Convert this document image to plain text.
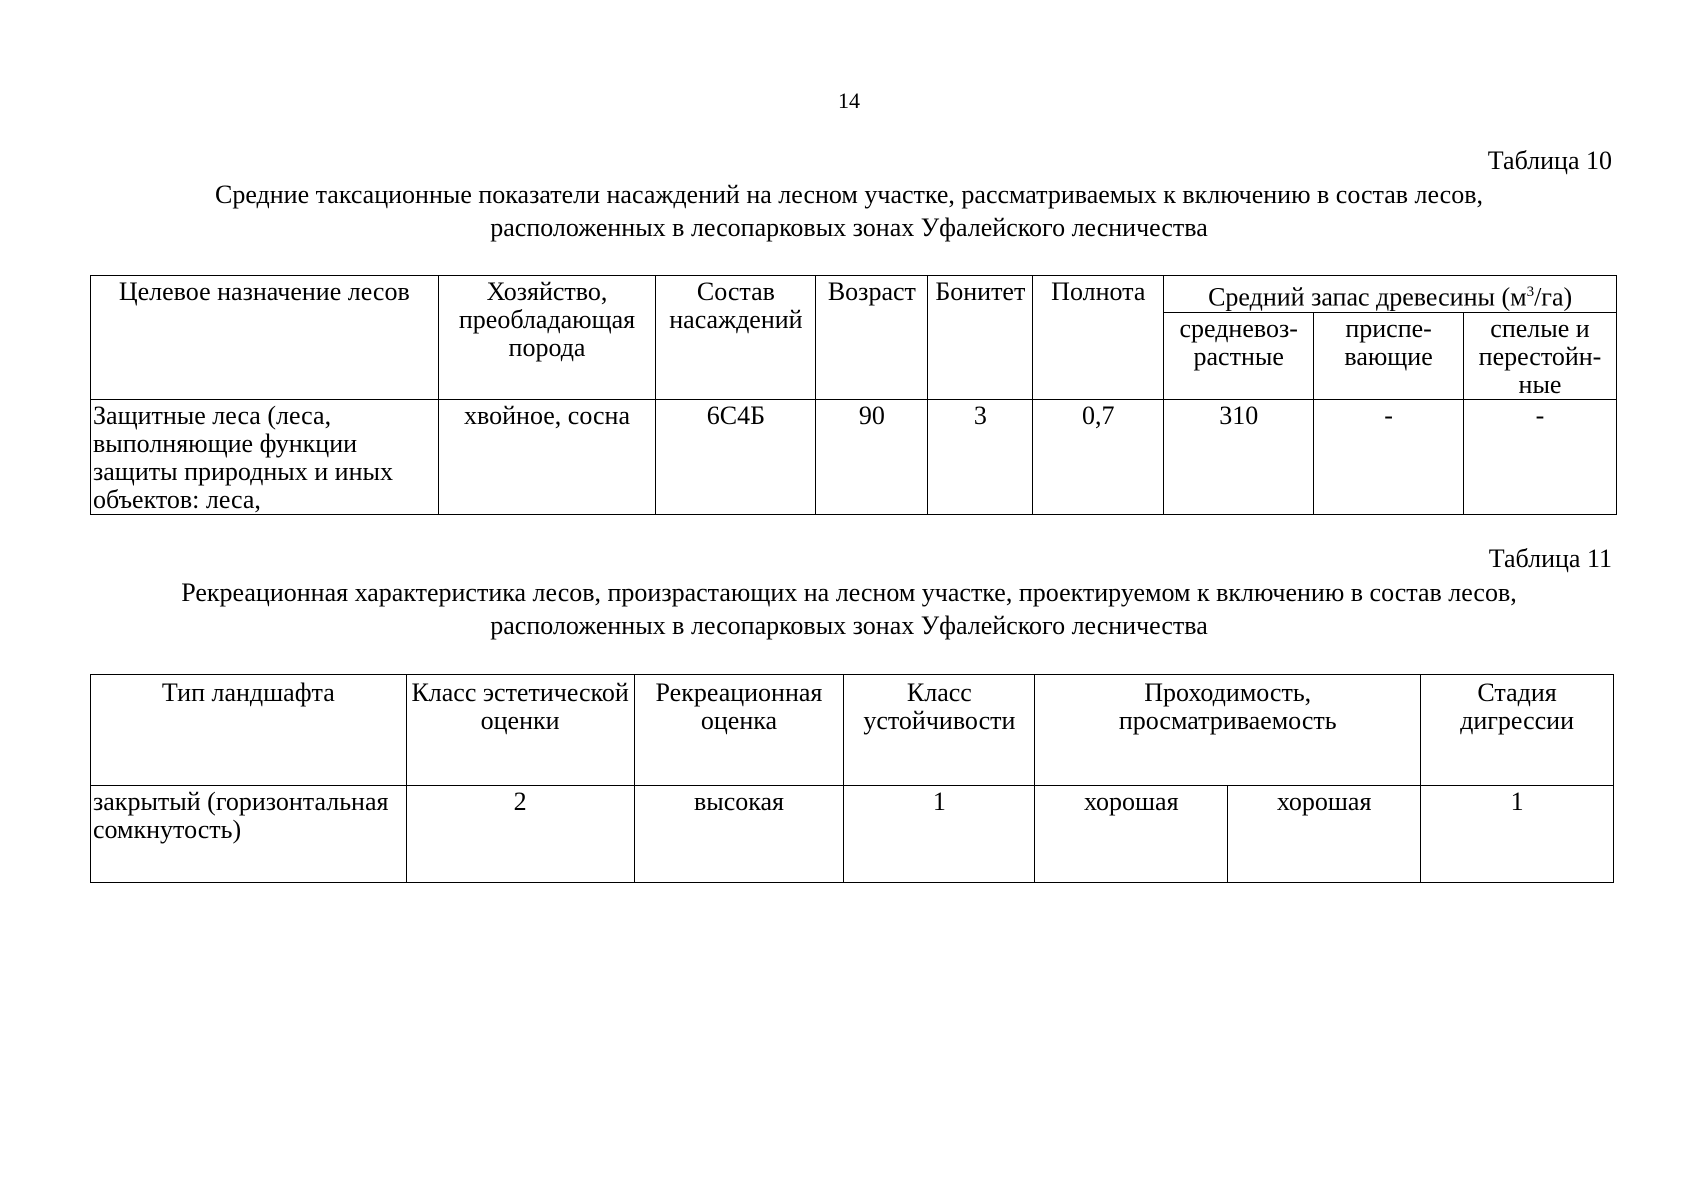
14
Таблица 10
Средние таксационные показатели насаждений на лесном участке, рассматриваемых к включению в состав лесов,
расположенных в лесопарковых зонах Уфалейского лесничества
Целевое назначение лесов	Хозяйство, преобладающая порода	Состав насаждений	Возраст	Бонитет	Полнота	Средний запас древесины $(м^3/га)$		
						средневоз-растные	приспе-вающие	спелые и перестойн-ные
Защитные леса (леса, выполняющие функции защиты природных и иных объектов: леса,	хвойное, сосна	6С4Б	90	3	0,7	310	-	-
Таблица 11
Рекреационная характеристика лесов, произрастающих на лесном участке, проектируемом к включению в состав лесов,
расположенных в лесопарковых зонах Уфалейского лесничества
Тип ландшафта	Класс эстетической оценки	Рекреационная оценка	Класс устойчивости	Проходимость, просматриваемость		Стадия дигрессии
закрытый (горизонтальная сомкнутость)	2	высокая	1	хорошая	хорошая	1
